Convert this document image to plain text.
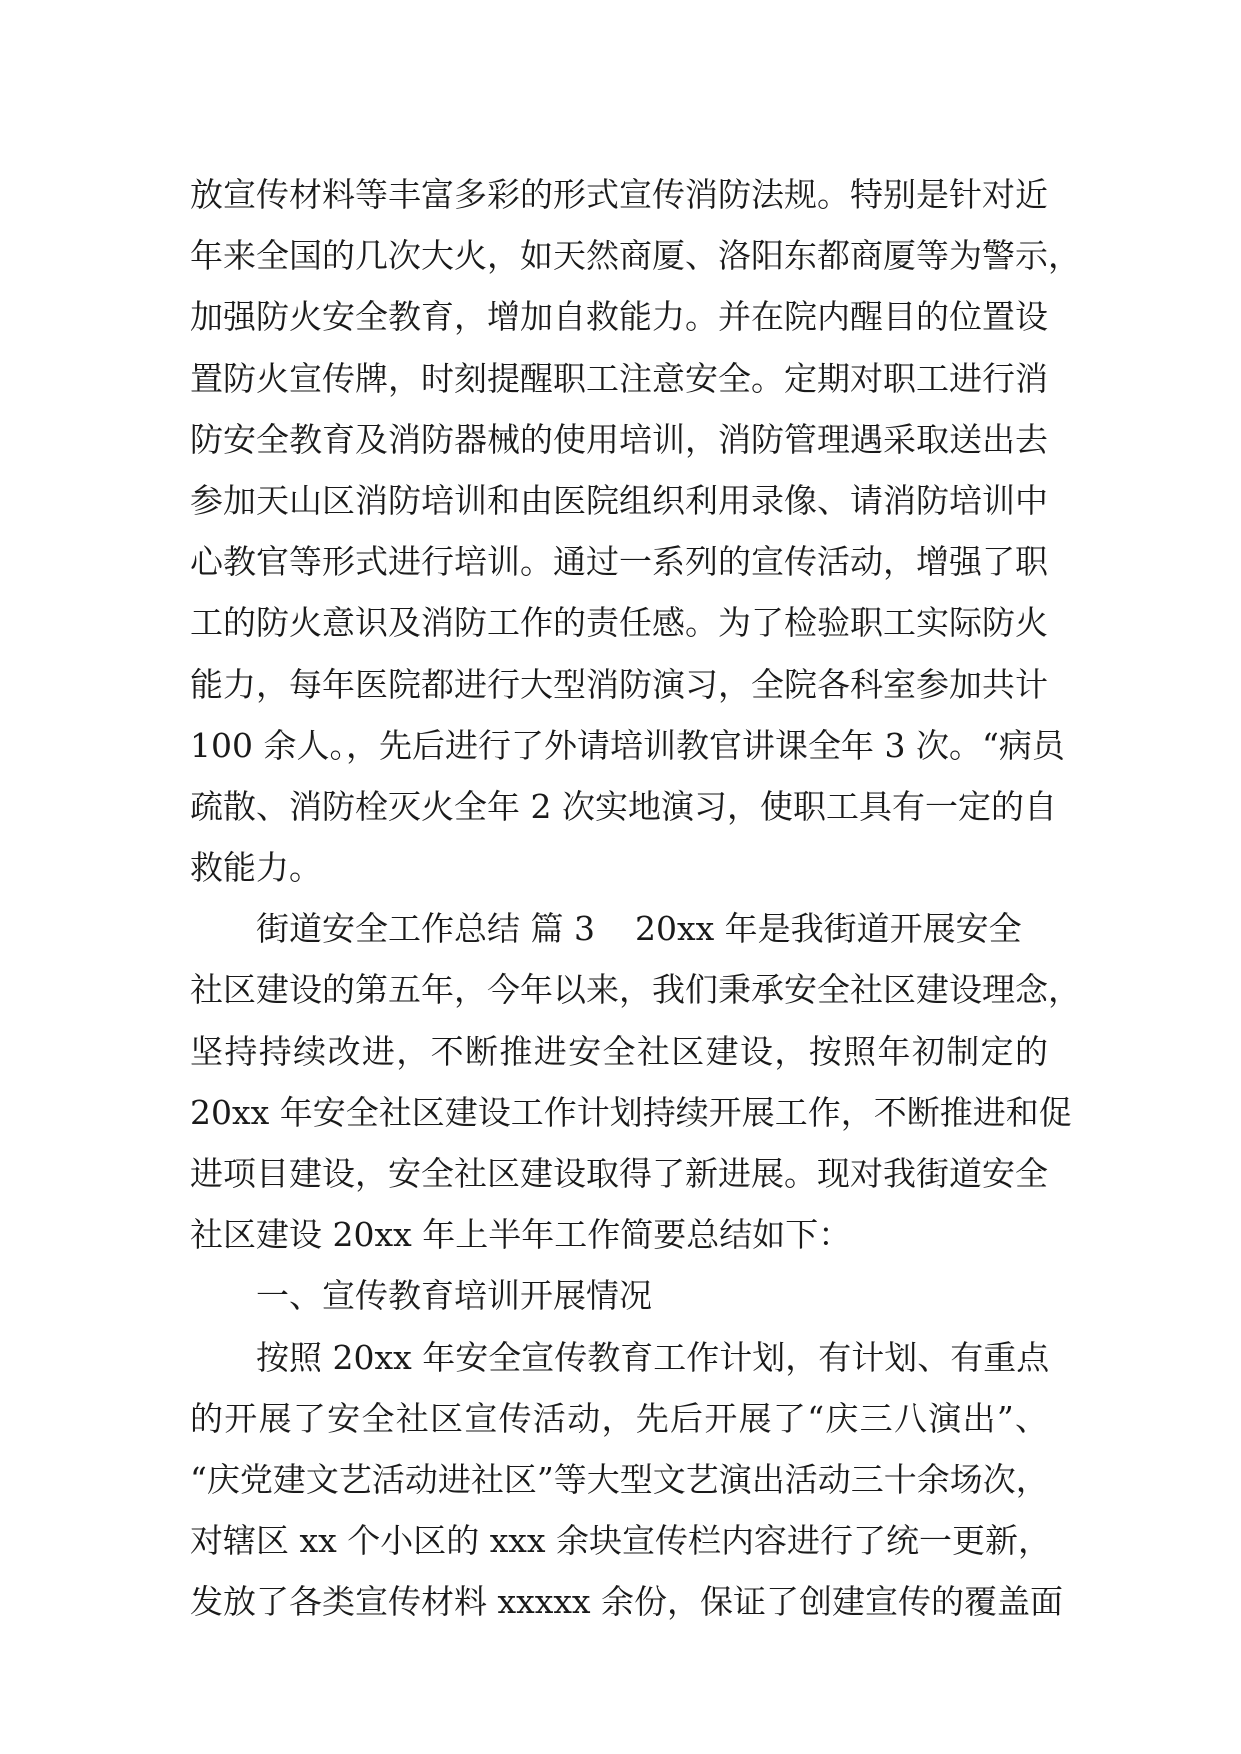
放宣传材料等丰富多彩的形式宣传消防法规。特别是针对近
年来全国的几次大火，如天然商厦、洛阳东都商厦等为警示，
加强防火安全教育，增加自救能力。并在院内醒目的位置设
置防火宣传牌，时刻提醒职工注意安全。定期对职工进行消
防安全教育及消防器械的使用培训，消防管理遇采取送出去
参加天山区消防培训和由医院组织利用录像、请消防培训中
心教官等形式进行培训。通过一系列的宣传活动，增强了职
工的防火意识及消防工作的责任感。为了检验职工实际防火
能力，每年医院都进行大型消防演习，全院各科室参加共计
100 余人。，先后进行了外请培训教官讲课全年 3 次。“病员
疏散、消防栓灭火全年 2 次实地演习，使职工具有一定的自
救能力。
街道安全工作总结 篇 3 20xx 年是我街道开展安全
社区建设的第五年，今年以来，我们秉承安全社区建设理念，
坚持持续改进，不断推进安全社区建设，按照年初制定的
20xx 年安全社区建设工作计划持续开展工作，不断推进和促
进项目建设，安全社区建设取得了新进展。现对我街道安全
社区建设 20xx 年上半年工作简要总结如下：
一、宣传教育培训开展情况
按照 20xx 年安全宣传教育工作计划，有计划、有重点
的开展了安全社区宣传活动，先后开展了“庆三八演出”、
“庆党建文艺活动进社区”等大型文艺演出活动三十余场次，
对辖区 xx 个小区的 xxx 余块宣传栏内容进行了统一更新，
发放了各类宣传材料 xxxxx 余份，保证了创建宣传的覆盖面
